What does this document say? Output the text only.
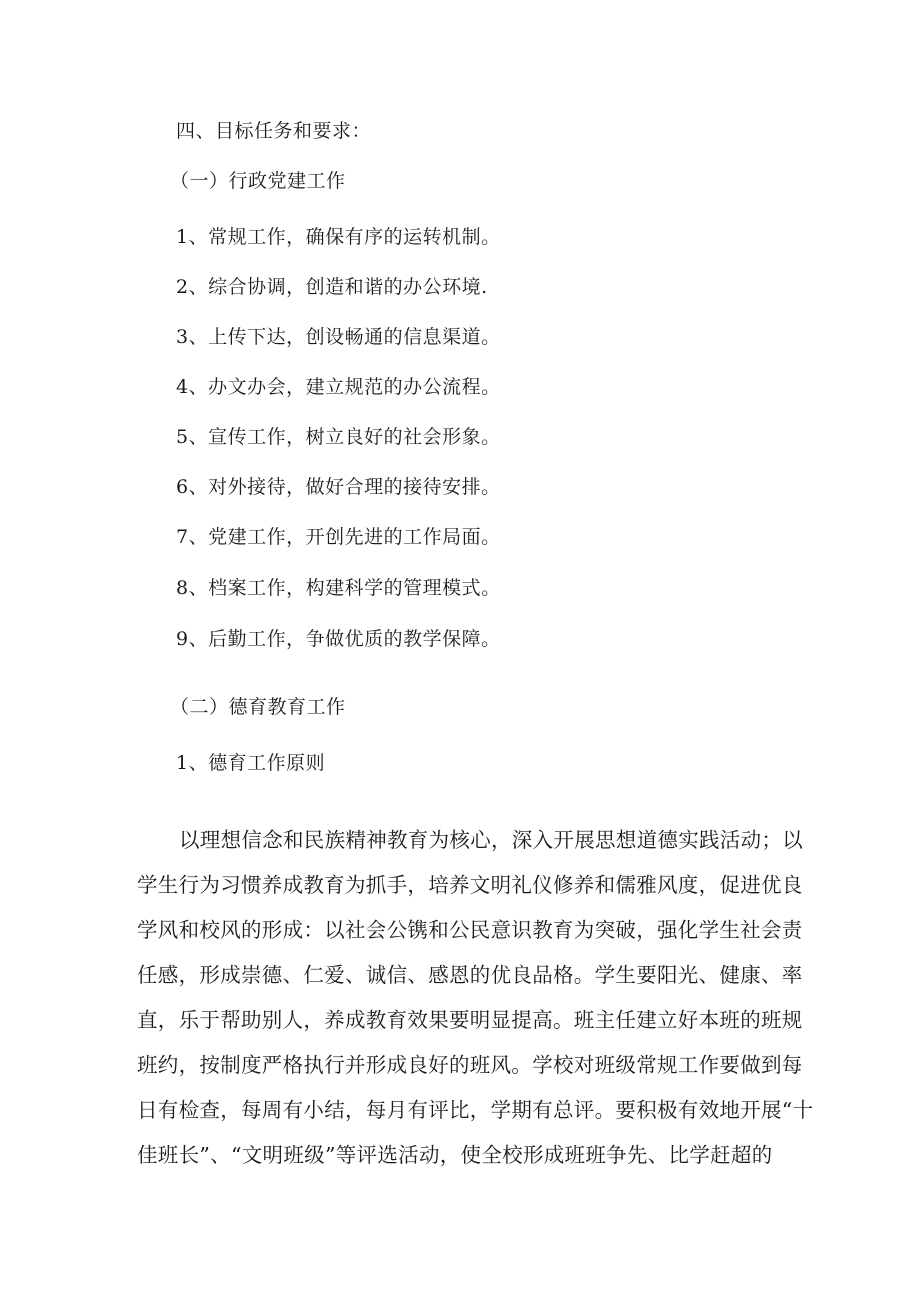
四、目标任务和要求：
（一）行政党建工作
1、常规工作，确保有序的运转机制。
2、综合协调，创造和谐的办公环境.
3、上传下达，创设畅通的信息渠道。
4、办文办会，建立规范的办公流程。
5、宣传工作，树立良好的社会形象。
6、对外接待，做好合理的接待安排。
7、党建工作，开创先进的工作局面。
8、档案工作，构建科学的管理模式。
9、后勤工作，争做优质的教学保障。
（二）德育教育工作
1、德育工作原则
以理想信念和民族精神教育为核心，深入开展思想道德实践活动；以
学生行为习惯养成教育为抓手，培养文明礼仪修养和儒雅风度，促进优良
学风和校风的形成：以社会公镌和公民意识教育为突破，强化学生社会责
任感，形成崇德、仁爱、诚信、感恩的优良品格。学生要阳光、健康、率
直，乐于帮助别人，养成教育效果要明显提高。班主任建立好本班的班规
班约，按制度严格执行并形成良好的班风。学校对班级常规工作要做到每
日有检查，每周有小结，每月有评比，学期有总评。要积极有效地开展“十
佳班长”、“文明班级”等评选活动，使全校形成班班争先、比学赶超的
